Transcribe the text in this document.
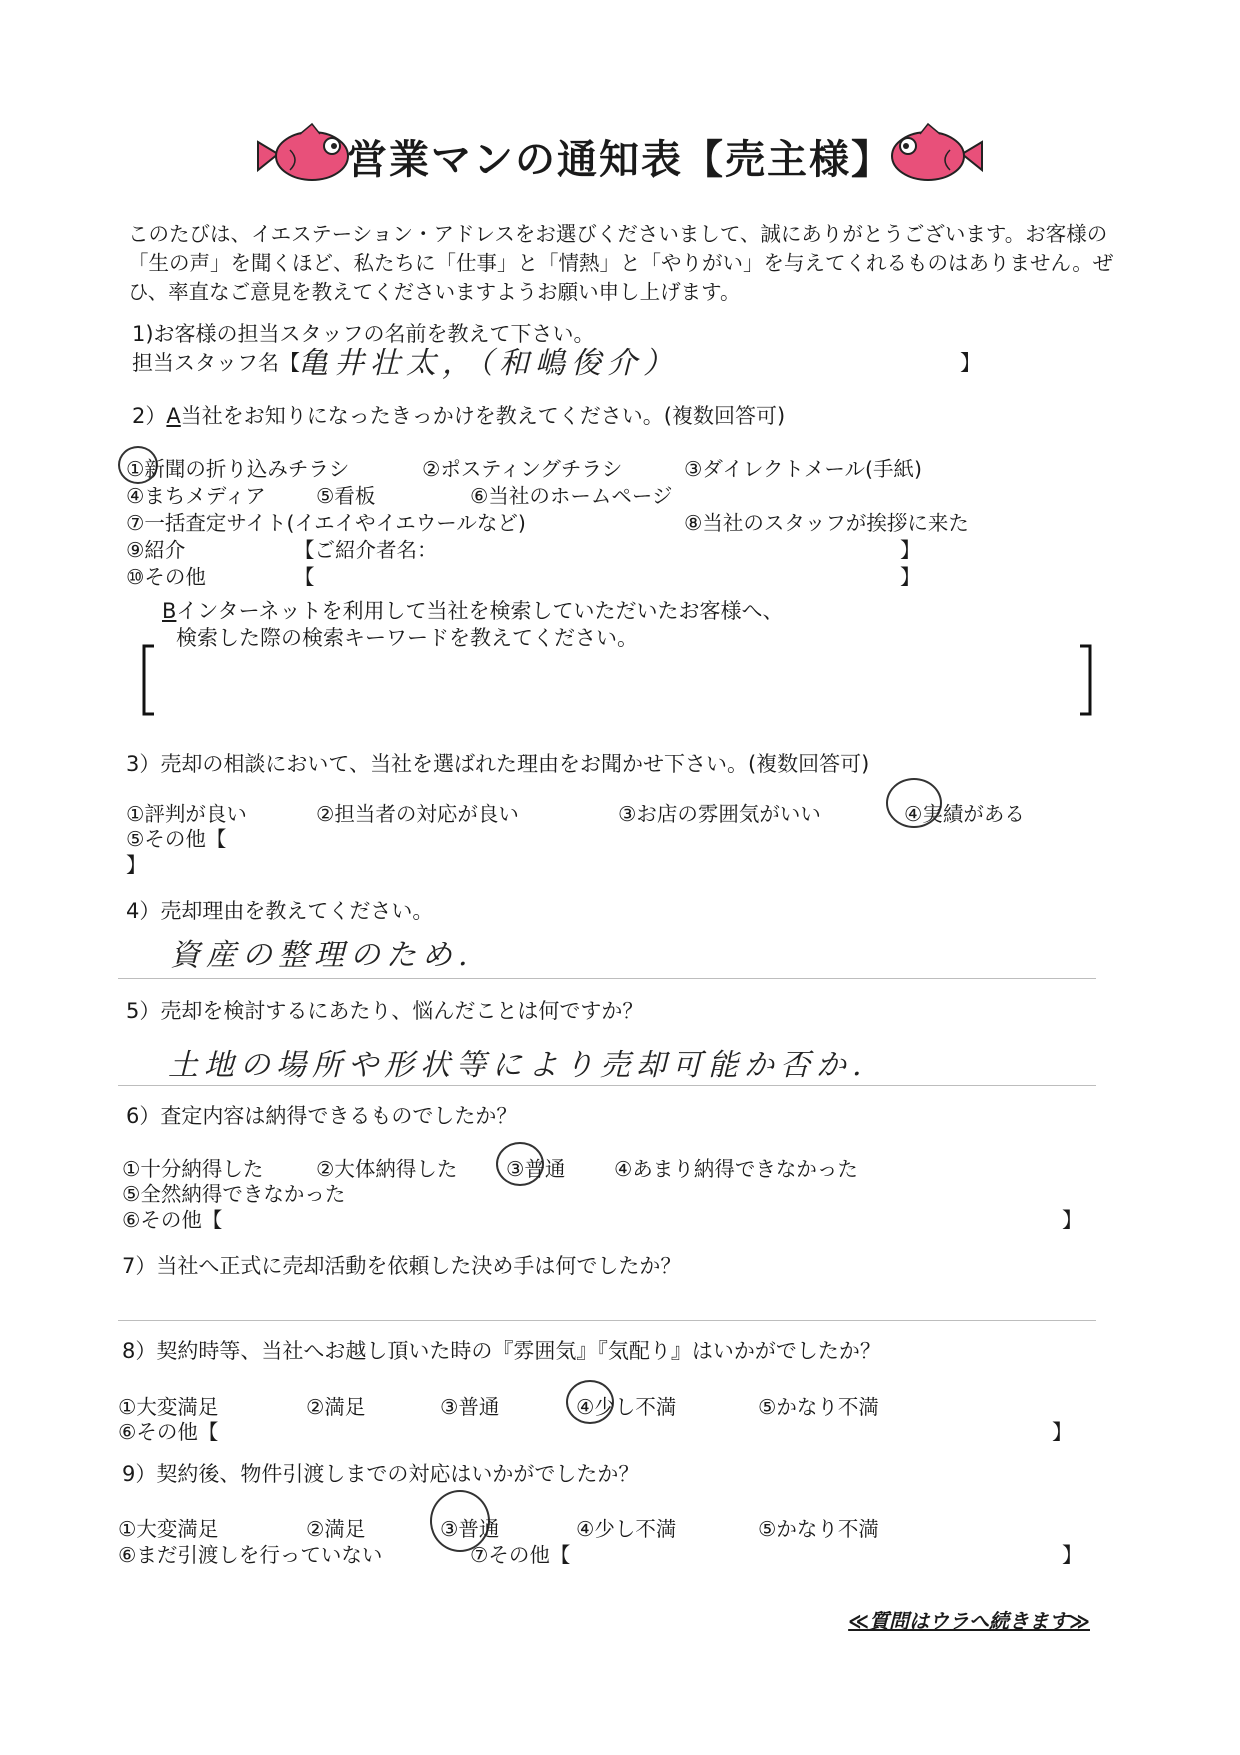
営業マンの通知表【売主様】
このたびは、イエステーション・アドレスをお選びくださいまして、誠にありがとうございます。お客様の「生の声」を聞くほど、私たちに「仕事」と「情熱」と「やりがい」を与えてくれるものはありません。ぜひ、率直なご意見を教えてくださいますようお願い申し上げます。
1)お客様の担当スタッフの名前を教えて下さい。
担当スタッフ名【
亀井壮太，（和嶋俊介）	】
2）A当社をお知りになったきっかけを教えてください。(複数回答可)
①新聞の折り込みチラシ	②ポスティングチラシ	③ダイレクトメール(手紙)
④まちメディア ⑤看板	⑥当社のホームページ
⑦一括査定サイト(イエイやイエウールなど)	⑧当社のスタッフが挨拶に来た
⑨紹介	【ご紹介者名：	】
⑩その他	【	】
Bインターネットを利用して当社を検索していただいたお客様へ、
検索した際の検索キーワードを教えてください。
3）売却の相談において、当社を選ばれた理由をお聞かせ下さい。(複数回答可)
①評判が良い	②担当者の対応が良い	③お店の雰囲気がいい	④実績がある
⑤その他【
】
4）売却理由を教えてください。
資産の整理のため.
5）売却を検討するにあたり、悩んだことは何ですか？
土地の場所や形状等により売却可能か否か.
6）査定内容は納得できるものでしたか？
①十分納得した	②大体納得した ③普通 ④あまり納得できなかった
⑤全然納得できなかった
⑥その他【	】
7）当社へ正式に売却活動を依頼した決め手は何でしたか？
8）契約時等、当社へお越し頂いた時の『雰囲気』『気配り』はいかがでしたか？
①大変満足	②満足	③普通	④少し不満	⑤かなり不満
⑥その他【	】
9）契約後、物件引渡しまでの対応はいかがでしたか？
①大変満足	②満足	③普通	④少し不満	⑤かなり不満
⑥まだ引渡しを行っていない	⑦その他【	】
≪質問はウラへ続きます≫
